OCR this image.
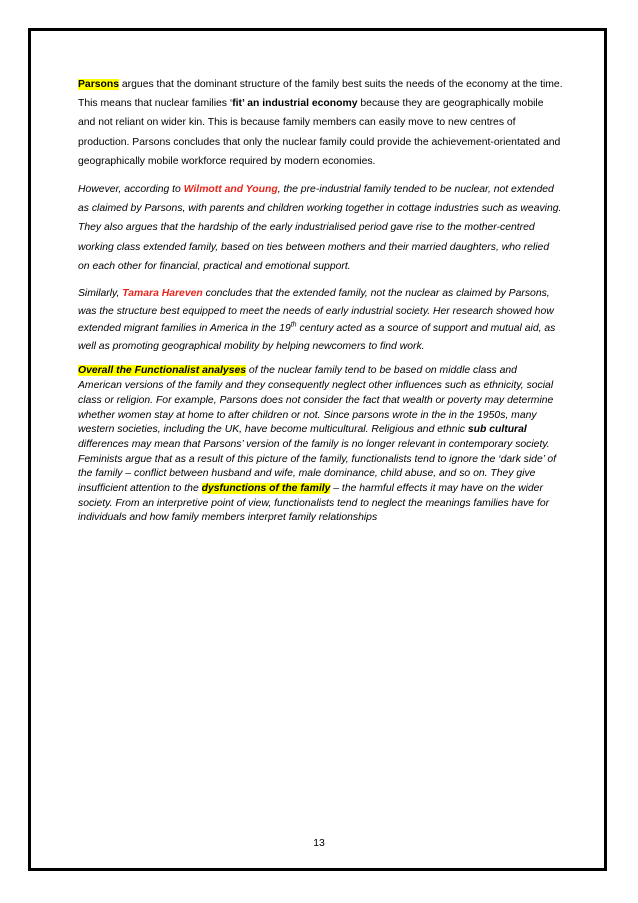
Parsons argues that the dominant structure of the family best suits the needs of the economy at the time. This means that nuclear families ‘fit’ an industrial economy because they are geographically mobile and not reliant on wider kin. This is because family members can easily move to new centres of production. Parsons concludes that only the nuclear family could provide the achievement-orientated and geographically mobile workforce required by modern economies.

However, according to Wilmott and Young, the pre-industrial family tended to be nuclear, not extended as claimed by Parsons, with parents and children working together in cottage industries such as weaving. They also argues that the hardship of the early industrialised period gave rise to the mother-centred working class extended family, based on ties between mothers and their married daughters, who relied on each other for financial, practical and emotional support.

Similarly, Tamara Hareven concludes that the extended family, not the nuclear as claimed by Parsons, was the structure best equipped to meet the needs of early industrial society. Her research showed how extended migrant families in America in the 19th century acted as a source of support and mutual aid, as well as promoting geographical mobility by helping newcomers to find work.

Overall the Functionalist analyses of the nuclear family tend to be based on middle class and American versions of the family and they consequently neglect other influences such as ethnicity, social class or religion. For example, Parsons does not consider the fact that wealth or poverty may determine whether women stay at home to after children or not. Since parsons wrote in the in the 1950s, many western societies, including the UK, have become multicultural. Religious and ethnic sub cultural differences may mean that Parsons’ version of the family is no longer relevant in contemporary society. Feminists argue that as a result of this picture of the family, functionalists tend to ignore the ‘dark side’ of the family – conflict between husband and wife, male dominance, child abuse, and so on. They give insufficient attention to the dysfunctions of the family – the harmful effects it may have on the wider society. From an interpretive point of view, functionalists tend to neglect the meanings families have for individuals and how family members interpret family relationships

13
